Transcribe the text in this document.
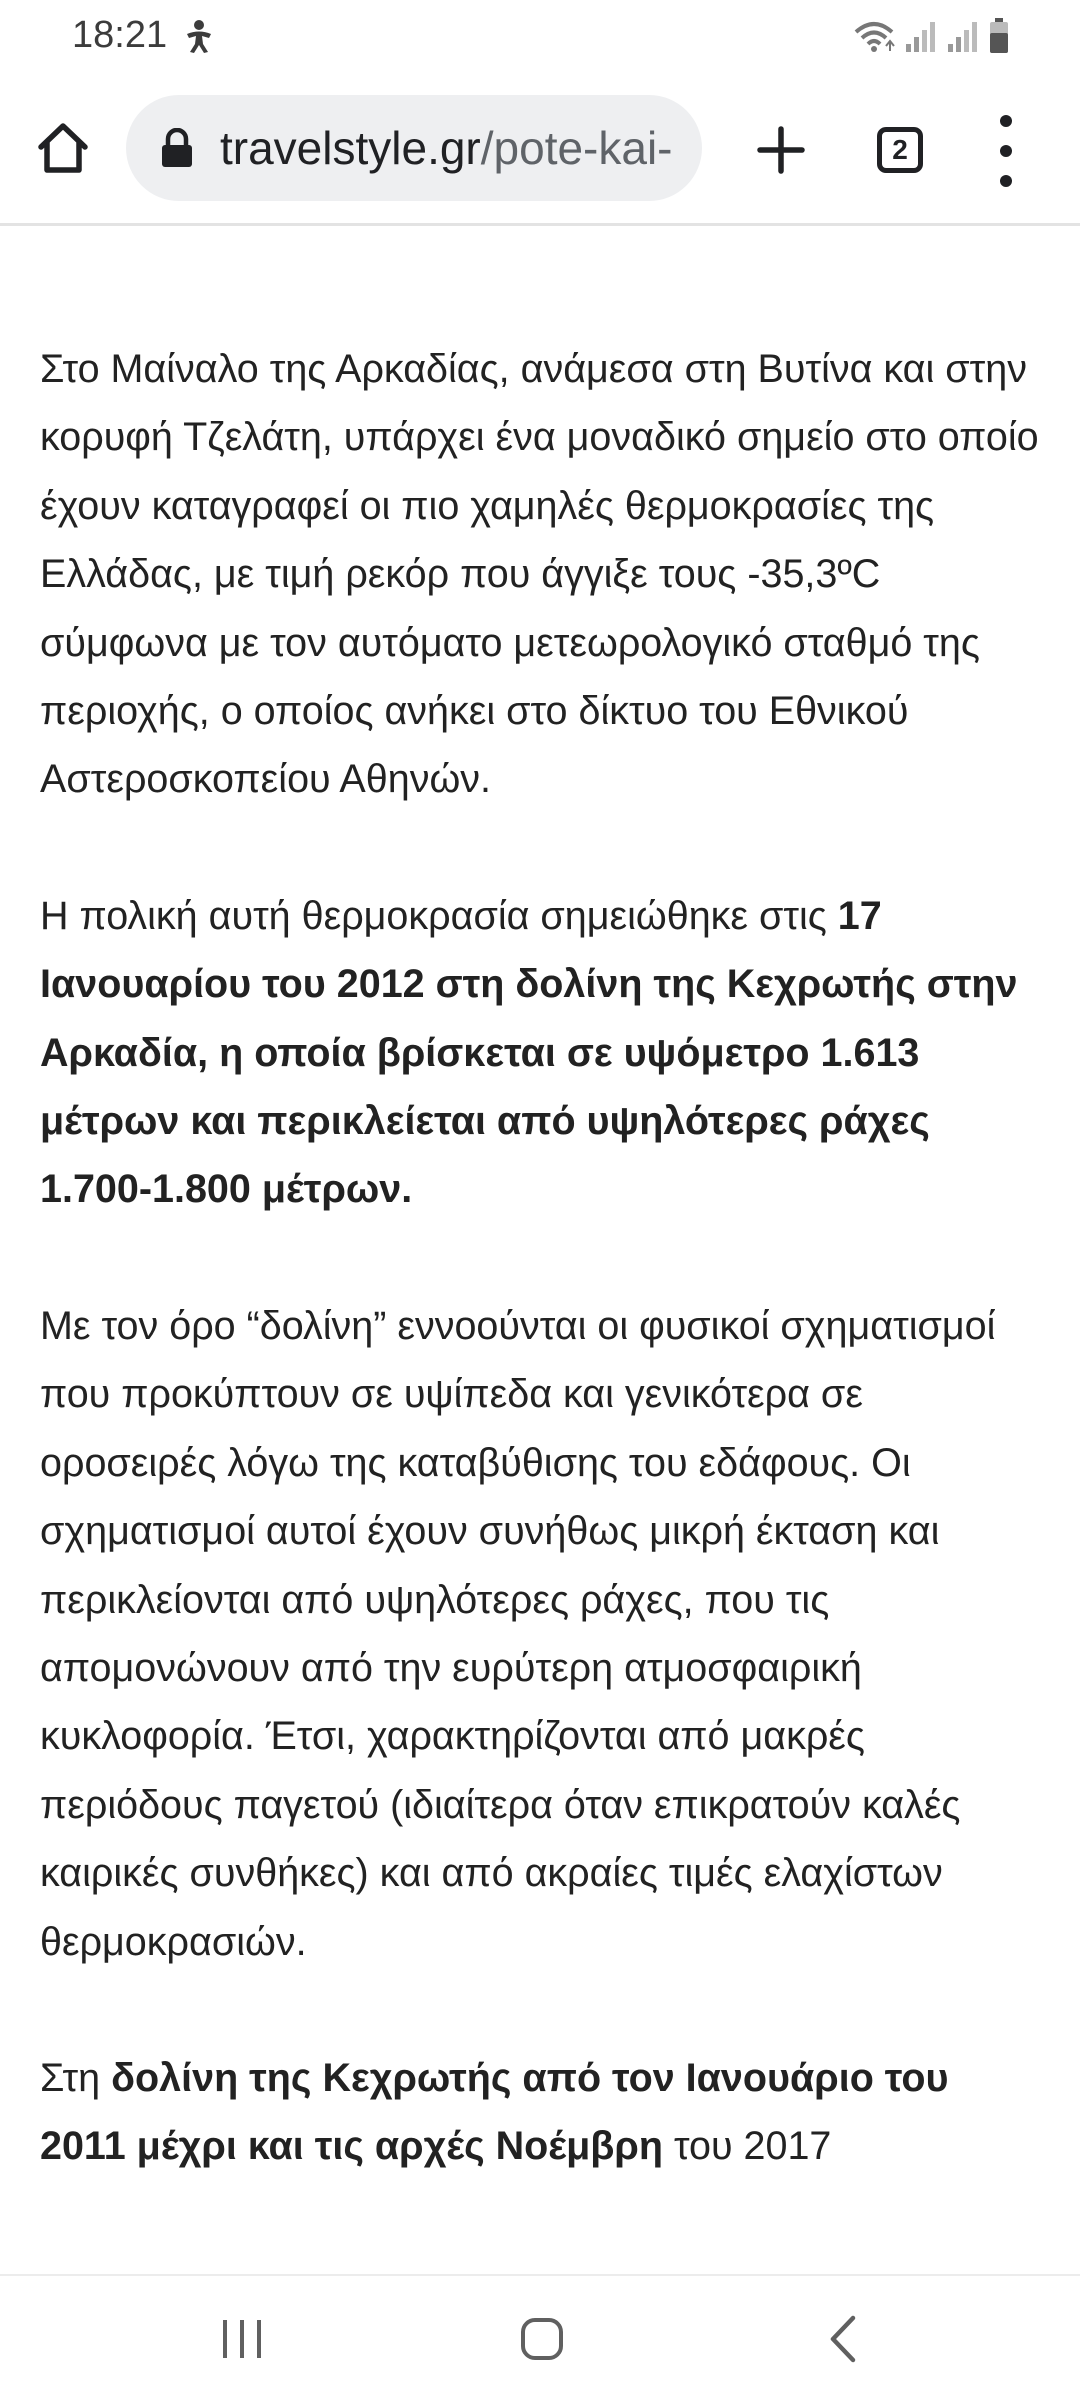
18:21
travelstyle.gr/pote-kai-	2

Στο Μαίναλο της Αρκαδίας, ανάμεσα στη Βυτίνα και στην κορυφή Τζελάτη, υπάρχει ένα μοναδικό σημείο στο οποίο έχουν καταγραφεί οι πιο χαμηλές θερμοκρασίες της Ελλάδας, με τιμή ρεκόρ που άγγιξε τους -35,3ºC σύμφωνα με τον αυτόματο μετεωρολογικό σταθμό της περιοχής, ο οποίος ανήκει στο δίκτυο του Εθνικού Αστεροσκοπείου Αθηνών.

Η πολική αυτή θερμοκρασία σημειώθηκε στις 17 Ιανουαρίου του 2012 στη δολίνη της Κεχρωτής στην Αρκαδία, η οποία βρίσκεται σε υψόμετρο 1.613 μέτρων και περικλείεται από υψηλότερες ράχες 1.700-1.800 μέτρων.

Με τον όρο “δολίνη” εννοούνται οι φυσικοί σχηματισμοί που προκύπτουν σε υψίπεδα και γενικότερα σε οροσειρές λόγω της καταβύθισης του εδάφους. Οι σχηματισμοί αυτοί έχουν συνήθως μικρή έκταση και περικλείονται από υψηλότερες ράχες, που τις απομονώνουν από την ευρύτερη ατμοσφαιρική κυκλοφορία. Έτσι, χαρακτηρίζονται από μακρές περιόδους παγετού (ιδιαίτερα όταν επικρατούν καλές καιρικές συνθήκες) και από ακραίες τιμές ελαχίστων θερμοκρασιών.

Στη δολίνη της Κεχρωτής από τον Ιανουάριο του 2011 μέχρι και τις αρχές Νοέμβρη του 2017
